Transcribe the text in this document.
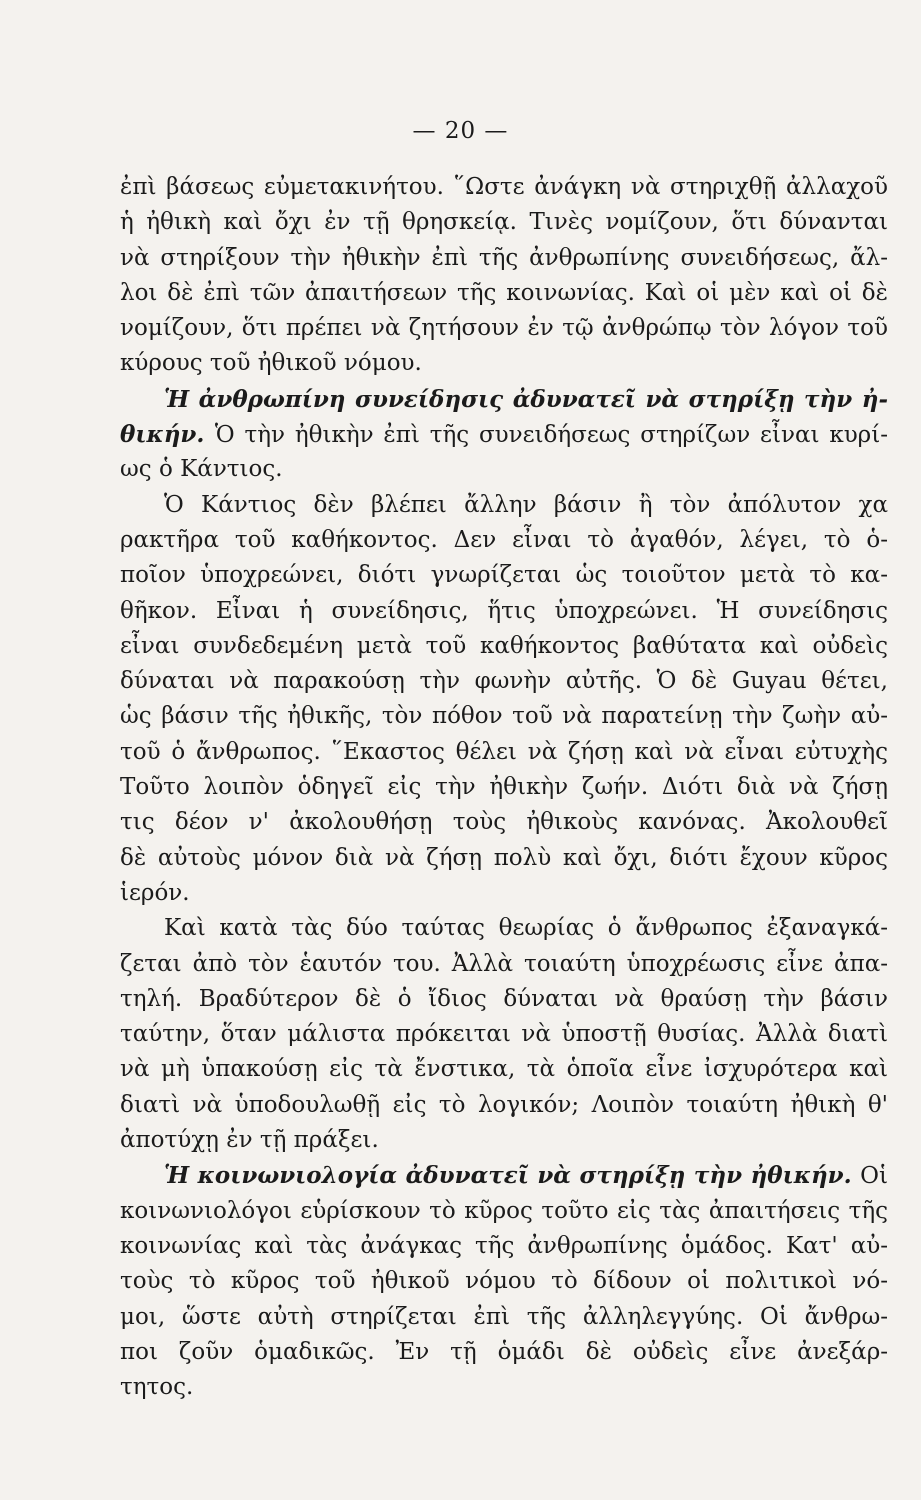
— 20 —
ἐπὶ βάσεως εὐμετακινήτου. ῞Ωστε ἀνάγκη νὰ στηριχθῇ ἀλλαχοῦ
ἡ ἠθικὴ καὶ ὄχι ἐν τῇ θρησκείᾳ. Τινὲς νομίζουν, ὅτι δύνανται
νὰ στηρίξουν τὴν ἠθικὴν ἐπὶ τῆς ἀνθρωπίνης συνειδήσεως, ἄλ-
λοι δὲ ἐπὶ τῶν ἀπαιτήσεων τῆς κοινωνίας. Καὶ οἱ μὲν καὶ οἱ δὲ
νομίζουν, ὅτι πρέπει νὰ ζητήσουν ἐν τῷ ἀνθρώπῳ τὸν λόγον τοῦ
κύρους τοῦ ἠθικοῦ νόμου.
Ἡ ἀνθρωπίνη συνείδησις ἀδυνατεῖ νὰ στηρίξῃ τὴν ἠ-
θικήν. Ὁ τὴν ἠθικὴν ἐπὶ τῆς συνειδήσεως στηρίζων εἶναι κυρί-
ως ὁ Κάντιος.
Ὁ Κάντιος δὲν βλέπει ἄλλην βάσιν ἢ τὸν ἀπόλυτον χα
ρακτῆρα τοῦ καθήκοντος. Δεν εἶναι τὸ ἀγαθόν, λέγει, τὸ ὁ-
ποῖον ὑποχρεώνει, διότι γνωρίζεται ὡς τοιοῦτον μετὰ τὸ κα-
θῆκον. Εἶναι ἡ συνείδησις, ἥτις ὑποχρεώνει. Ἡ συνείδησις
εἶναι συνδεδεμένη μετὰ τοῦ καθήκοντος βαθύτατα καὶ οὐδεὶς
δύναται νὰ παρακούσῃ τὴν φωνὴν αὐτῆς. Ὁ δὲ Guyau θέτει,
ὡς βάσιν τῆς ἠθικῆς, τὸν πόθον τοῦ νὰ παρατείνῃ τὴν ζωὴν αὐ-
τοῦ ὁ ἄνθρωπος. ῞Εκαστος θέλει νὰ ζήσῃ καὶ νὰ εἶναι εὐτυχὴς
Τοῦτο λοιπὸν ὁδηγεῖ εἰς τὴν ἠθικὴν ζωήν. Διότι διὰ νὰ ζήσῃ
τις δέον ν' ἀκολουθήσῃ τοὺς ἠθικοὺς κανόνας. Ἀκολουθεῖ
δὲ αὐτοὺς μόνον διὰ νὰ ζήσῃ πολὺ καὶ ὄχι, διότι ἔχουν κῦρος
ἱερόν.
Καὶ κατὰ τὰς δύο ταύτας θεωρίας ὁ ἄνθρωπος ἐξαναγκά-
ζεται ἀπὸ τὸν ἑαυτόν του. Ἀλλὰ τοιαύτη ὑποχρέωσις εἶνε ἀπα-
τηλή. Βραδύτερον δὲ ὁ ἴδιος δύναται νὰ θραύσῃ τὴν βάσιν
ταύτην, ὅταν μάλιστα πρόκειται νὰ ὑποστῇ θυσίας. Ἀλλὰ διατὶ
νὰ μὴ ὑπακούσῃ εἰς τὰ ἔνστικα, τὰ ὁποῖα εἶνε ἰσχυρότερα καὶ
διατὶ νὰ ὑποδουλωθῇ εἰς τὸ λογικόν; Λοιπὸν τοιαύτη ἠθικὴ θ'
ἀποτύχῃ ἐν τῇ πράξει.
Ἡ κοινωνιολογία ἀδυνατεῖ νὰ στηρίξῃ τὴν ἠθικήν. Οἱ
κοινωνιολόγοι εὑρίσκουν τὸ κῦρος τοῦτο εἰς τὰς ἀπαιτήσεις τῆς
κοινωνίας καὶ τὰς ἀνάγκας τῆς ἀνθρωπίνης ὁμάδος. Κατ' αὐ-
τοὺς τὸ κῦρος τοῦ ἠθικοῦ νόμου τὸ δίδουν οἱ πολιτικοὶ νό-
μοι, ὥστε αὐτὴ στηρίζεται ἐπὶ τῆς ἀλληλεγγύης. Οἱ ἄνθρω-
ποι ζοῦν ὁμαδικῶς. Ἐν τῇ ὁμάδι δὲ οὐδεὶς εἶνε ἀνεξάρ-
τητος.
